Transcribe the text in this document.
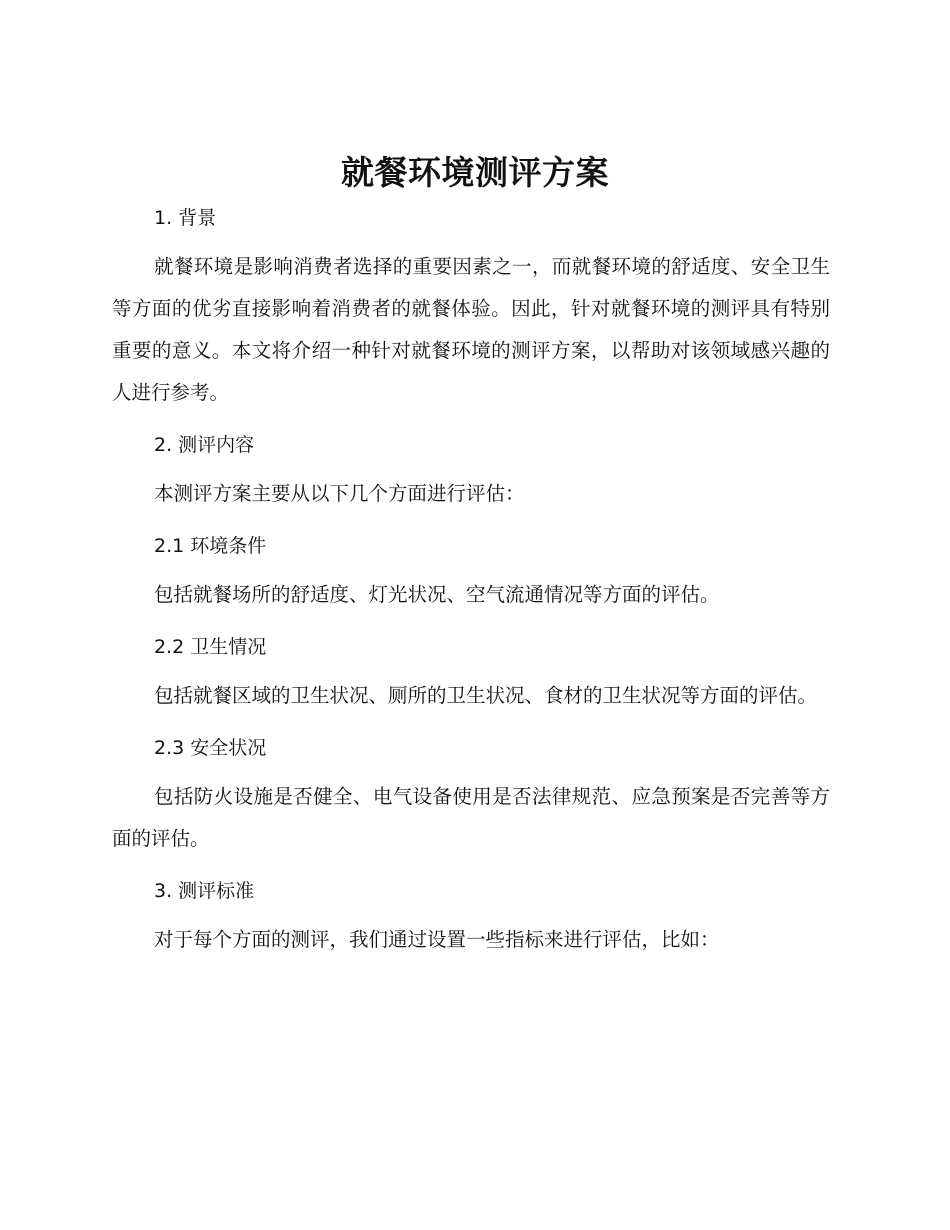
就餐环境测评方案
1. 背景

就餐环境是影响消费者选择的重要因素之一，而就餐环境的舒适度、安全卫生等方面的优劣直接影响着消费者的就餐体验。因此，针对就餐环境的测评具有特别重要的意义。本文将介绍一种针对就餐环境的测评方案，以帮助对该领域感兴趣的人进行参考。

2. 测评内容

本测评方案主要从以下几个方面进行评估：

2.1 环境条件

包括就餐场所的舒适度、灯光状况、空气流通情况等方面的评估。

2.2 卫生情况

包括就餐区域的卫生状况、厕所的卫生状况、食材的卫生状况等方面的评估。

2.3 安全状况

包括防火设施是否健全、电气设备使用是否法律规范、应急预案是否完善等方面的评估。

3. 测评标准

对于每个方面的测评，我们通过设置一些指标来进行评估，比如：
